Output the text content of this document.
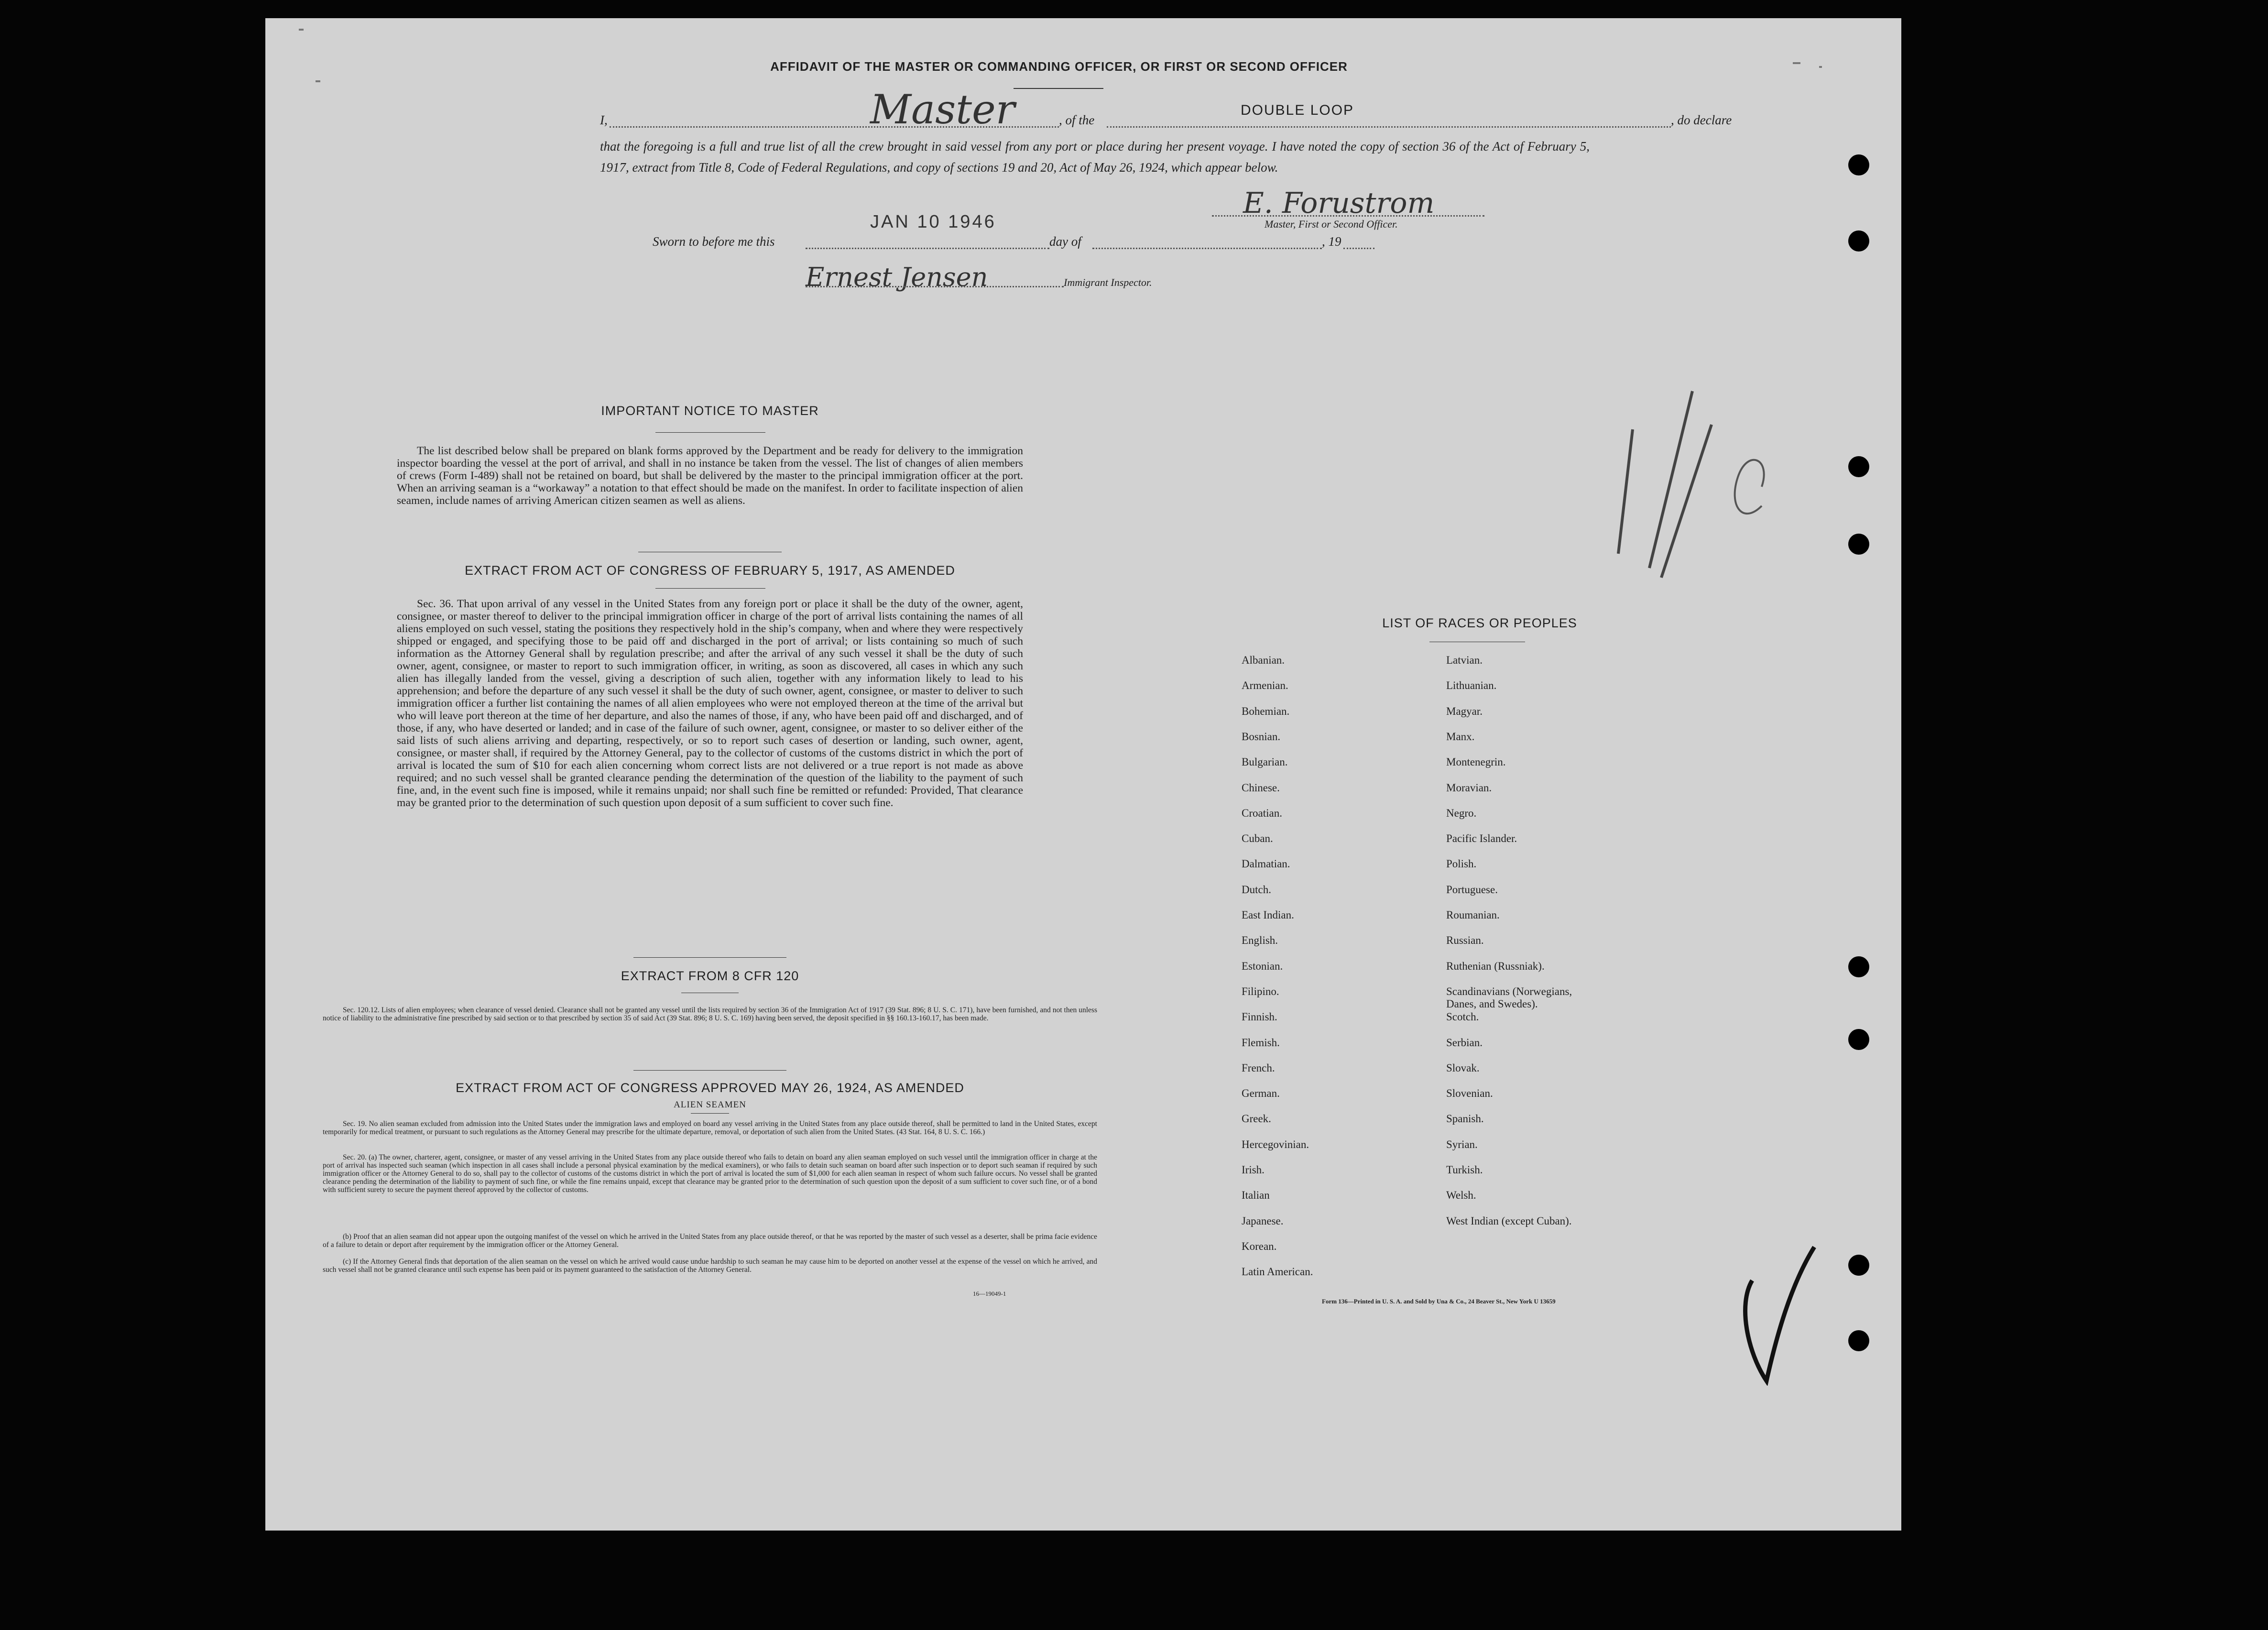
AFFIDAVIT OF THE MASTER OR COMMANDING OFFICER, OR FIRST OR SECOND OFFICER
I,	Master	, of the
DOUBLE LOOP
, do declare
that the foregoing is a full and true list of all the crew brought in said vessel from any port or place during her present voyage. I have noted the copy of section 36 of the Act of February 5, 1917, extract from Title 8, Code of Federal Regulations, and copy of sections 19 and 20, Act of May 26, 1924, which appear below.
E. Forustrom
Master, First or Second Officer.
JAN 10 1946
Sworn to before me this	day of	, 19
Ernest Jensen	Immigrant Inspector.
IMPORTANT NOTICE TO MASTER
The list described below shall be prepared on blank forms approved by the Department and be ready for delivery to the immigration inspector boarding the vessel at the port of arrival, and shall in no instance be taken from the vessel. The list of changes of alien members of crews (Form I-489) shall not be retained on board, but shall be delivered by the master to the principal immigration officer at the port. When an arriving seaman is a “workaway” a notation to that effect should be made on the manifest. In order to facilitate inspection of alien seamen, include names of arriving American citizen seamen as well as aliens.
EXTRACT FROM ACT OF CONGRESS OF FEBRUARY 5, 1917, AS AMENDED
Sec. 36. That upon arrival of any vessel in the United States from any foreign port or place it shall be the duty of the owner, agent, consignee, or master thereof to deliver to the principal immigration officer in charge of the port of arrival lists containing the names of all aliens employed on such vessel, stating the positions they respectively hold in the ship’s company, when and where they were respectively shipped or engaged, and specifying those to be paid off and discharged in the port of arrival; or lists containing so much of such information as the Attorney General shall by regulation prescribe; and after the arrival of any such vessel it shall be the duty of such owner, agent, consignee, or master to report to such immigration officer, in writing, as soon as discovered, all cases in which any such alien has illegally landed from the vessel, giving a description of such alien, together with any information likely to lead to his apprehension; and before the departure of any such vessel it shall be the duty of such owner, agent, consignee, or master to deliver to such immigration officer a further list containing the names of all alien employees who were not employed thereon at the time of the arrival but who will leave port thereon at the time of her departure, and also the names of those, if any, who have been paid off and discharged, and of those, if any, who have deserted or landed; and in case of the failure of such owner, agent, consignee, or master to so deliver either of the said lists of such aliens arriving and departing, respectively, or so to report such cases of desertion or landing, such owner, agent, consignee, or master shall, if required by the Attorney General, pay to the collector of customs of the customs district in which the port of arrival is located the sum of $10 for each alien concerning whom correct lists are not delivered or a true report is not made as above required; and no such vessel shall be granted clearance pending the determination of the question of the liability to the payment of such fine, and, in the event such fine is imposed, while it remains unpaid; nor shall such fine be remitted or refunded: Provided, That clearance may be granted prior to the determination of such question upon deposit of a sum sufficient to cover such fine.
EXTRACT FROM 8 CFR 120
Sec. 120.12. Lists of alien employees; when clearance of vessel denied. Clearance shall not be granted any vessel until the lists required by section 36 of the Immigration Act of 1917 (39 Stat. 896; 8 U. S. C. 171), have been furnished, and not then unless notice of liability to the administrative fine prescribed by said section or to that prescribed by section 35 of said Act (39 Stat. 896; 8 U. S. C. 169) having been served, the deposit specified in §§ 160.13-160.17, has been made.
EXTRACT FROM ACT OF CONGRESS APPROVED MAY 26, 1924, AS AMENDED
ALIEN SEAMEN
Sec. 19. No alien seaman excluded from admission into the United States under the immigration laws and employed on board any vessel arriving in the United States from any place outside thereof, shall be permitted to land in the United States, except temporarily for medical treatment, or pursuant to such regulations as the Attorney General may prescribe for the ultimate departure, removal, or deportation of such alien from the United States. (43 Stat. 164, 8 U. S. C. 166.)
Sec. 20. (a) The owner, charterer, agent, consignee, or master of any vessel arriving in the United States from any place outside thereof who fails to detain on board any alien seaman employed on such vessel until the immigration officer in charge at the port of arrival has inspected such seaman (which inspection in all cases shall include a personal physical examination by the medical examiners), or who fails to detain such seaman on board after such inspection or to deport such seaman if required by such immigration officer or the Attorney General to do so, shall pay to the collector of customs of the customs district in which the port of arrival is located the sum of $1,000 for each alien seaman in respect of whom such failure occurs. No vessel shall be granted clearance pending the determination of the liability to payment of such fine, or while the fine remains unpaid, except that clearance may be granted prior to the determination of such question upon the deposit of a sum sufficient to cover such fine, or of a bond with sufficient surety to secure the payment thereof approved by the collector of customs.
(b) Proof that an alien seaman did not appear upon the outgoing manifest of the vessel on which he arrived in the United States from any place outside thereof, or that he was reported by the master of such vessel as a deserter, shall be prima facie evidence of a failure to detain or deport after requirement by the immigration officer or the Attorney General.
(c) If the Attorney General finds that deportation of the alien seaman on the vessel on which he arrived would cause undue hardship to such seaman he may cause him to be deported on another vessel at the expense of the vessel on which he arrived, and such vessel shall not be granted clearance until such expense has been paid or its payment guaranteed to the satisfaction of the Attorney General.
16—19049-1
LIST OF RACES OR PEOPLES
Form 136—Printed in U. S. A. and Sold by Una & Co., 24 Beaver St., New York U 13659
Albanian.
Armenian.
Bohemian.
Bosnian.
Bulgarian.
Chinese.
Croatian.
Cuban.
Dalmatian.
Dutch.
East Indian.
English.
Estonian.
Filipino.
Finnish.
Flemish.
French.
German.
Greek.
Hercegovinian.
Irish.
Italian
Japanese.
Korean.
Latin American.
Latvian.
Lithuanian.
Magyar.
Manx.
Montenegrin.
Moravian.
Negro.
Pacific Islander.
Polish.
Portuguese.
Roumanian.
Russian.
Ruthenian (Russniak).
Scandinavians (Norwegians,
Danes, and Swedes).
Scotch.
Serbian.
Slovak.
Slovenian.
Spanish.
Syrian.
Turkish.
Welsh.
West Indian (except Cuban).
